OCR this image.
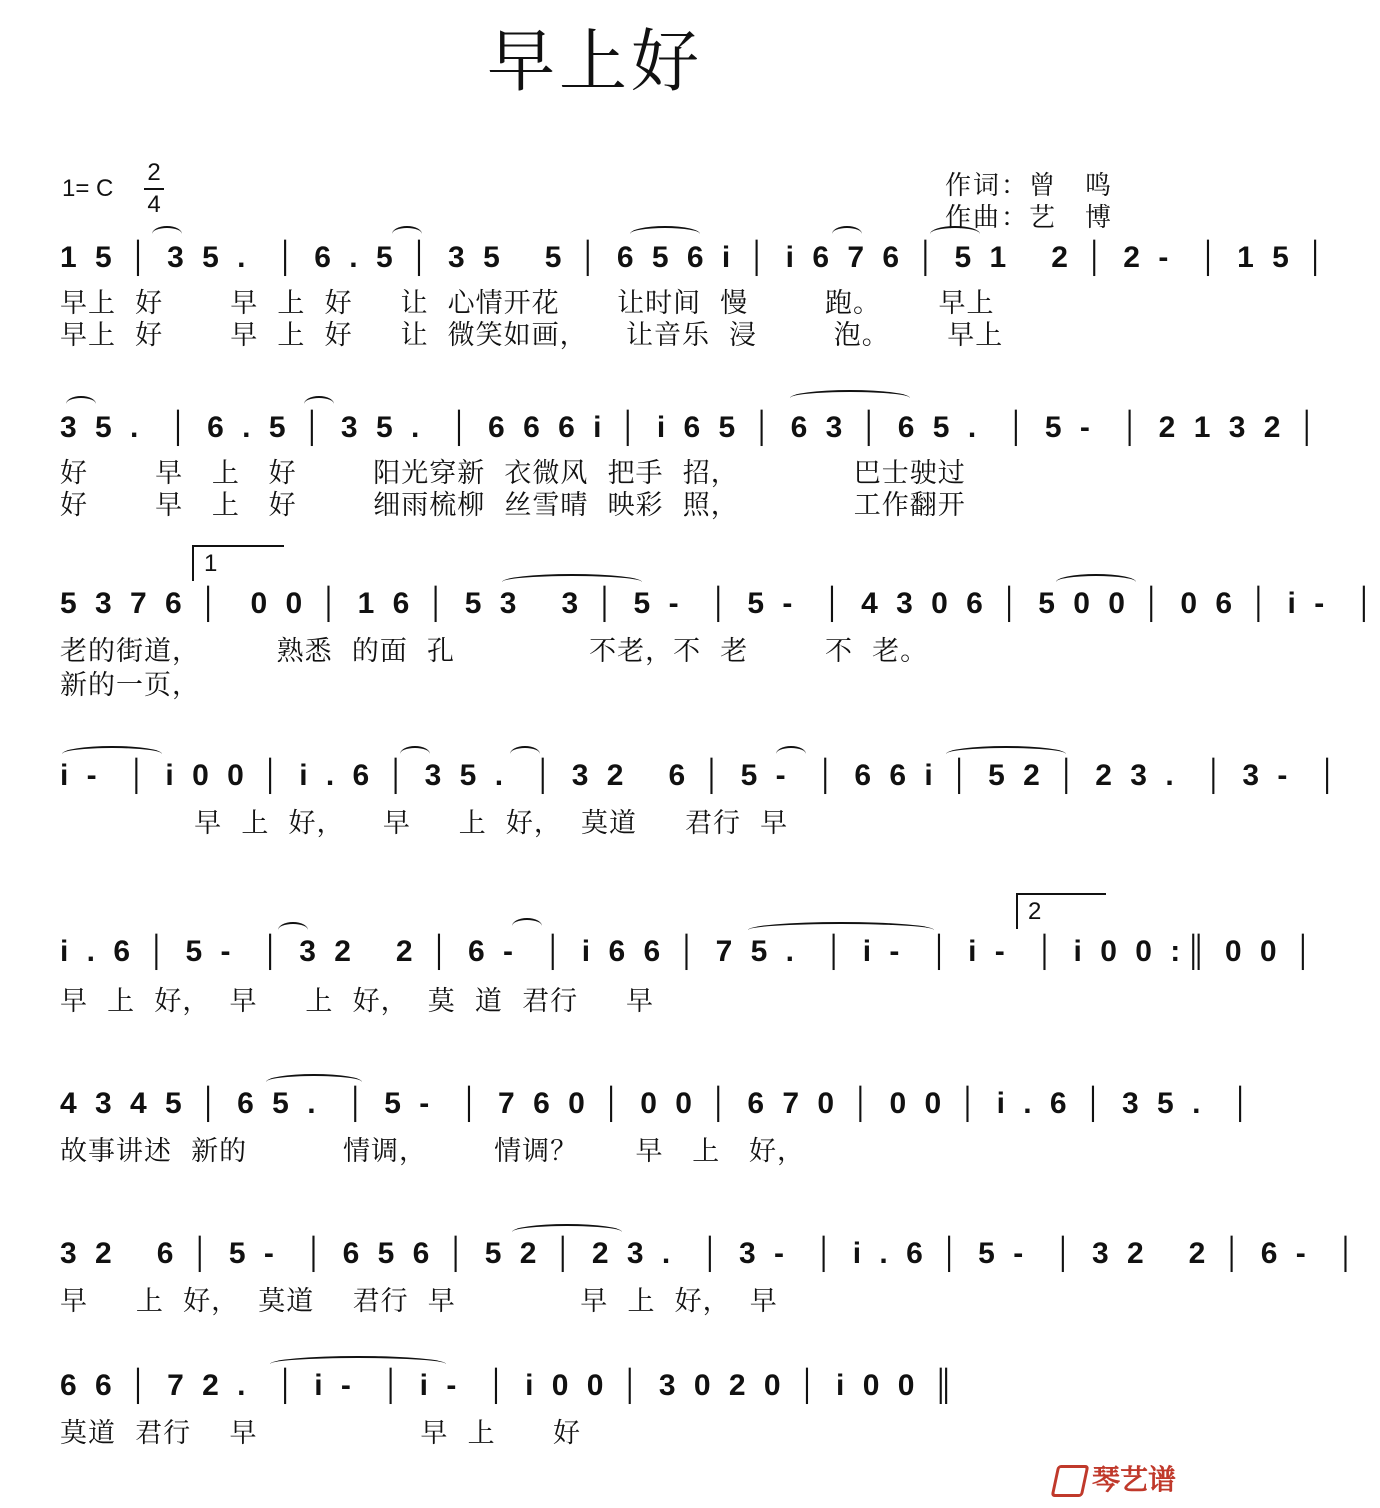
早上好
1= C
2
4
作词：曾　鸣
作曲：艺　博
1 5 │ 3 5 .  │ 6 . 5 │ 3 5   5 │ 6 5 6 i │ i 6 7 6 │ 5 1   2 │ 2 -  │ 1 5 │
早上  好       早  上  好     让  心情开花      让时间  慢        跑。      早上
早上  好       早  上  好     让  微笑如画，    让音乐  浸        泡。      早上
3 5 .  │ 6 . 5 │ 3 5 .  │ 6 6 6 i │ i 6 5 │ 6 3 │ 6 5 .  │ 5 -  │ 2 1 3 2 │
好       早   上   好        阳光穿新  衣微风  把手  招，            巴士驶过
好       早   上   好        细雨梳柳  丝雪晴  映彩  照，            工作翻开
1
5 3 7 6 │  0 0 │ 1 6 │ 5 3   3 │ 5 -  │ 5 -  │ 4 3 0 6 │ 5 0 0 │ 0 6 │ i -  │
老的街道，        熟悉  的面  孔              不老，不  老        不  老。
新的一页，
i -  │ i 0 0 │ i . 6 │ 3 5 .  │ 3 2   6 │ 5 -  │ 6 6 i │ 5 2 │ 2 3 .  │ 3 -  │
早  上  好，    早     上  好，  莫道     君行  早
2
i . 6 │ 5 -  │ 3 2   2 │ 6 -  │ i 6 6 │ 7 5 .  │ i -  │ i -  │ i 0 0 :║ 0 0 │
早  上  好，  早     上  好，  莫  道  君行     早
4 3 4 5 │ 6 5 .  │ 5 -  │ 7 6 0 │ 0 0 │ 6 7 0 │ 0 0 │ i . 6 │ 3 5 .  │
故事讲述  新的          情调，       情调？      早   上   好，
3 2   6 │ 5 -  │ 6 5 6 │ 5 2 │ 2 3 .  │ 3 -  │ i . 6 │ 5 -  │ 3 2   2 │ 6 -  │
早     上  好，  莫道    君行  早             早  上  好，  早
6 6 │ 7 2 .  │ i -  │ i -  │ i 0 0 │ 3 0 2 0 │ i 0 0 ║
莫道  君行    早                 早  上      好
琴艺谱
